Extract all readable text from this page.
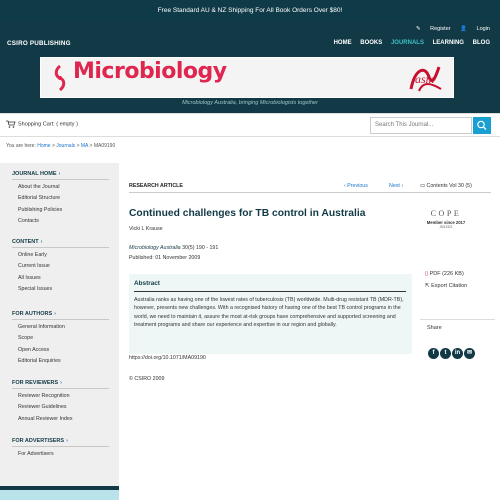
Free Standard AU & NZ Shipping For All Book Orders Over $80!
✎ Register 👤 Login
CSIRO PUBLISHING	HOME BOOKS JOURNALS LEARNING BLOG
Microbiology	asm
Microbiology Australia, bringing Microbiologists together
Shopping Cart: ( empty )	Search This Journal...
You are here: Home > Journals > MA > MA09190
JOURNAL HOME ›
About the Journal
Editorial Structure
Publishing Policies
Contacts
CONTENT ›
Online Early
Current Issue
All Issues
Special Issues
FOR AUTHORS ›
General Information
Scope
Open Access
Editorial Enquiries
FOR REVIEWERS ›
Reviewer Recognition
Reviewer Guidelines
Annual Reviewer Index
FOR ADVERTISERS ›
For Advertisers
RESEARCH ARTICLE	‹ Previous	Next ›	▭ Contents Vol 30 (5)
Continued challenges for TB control in Australia
Vicki L Krause
Microbiology Australia 30(5) 190 - 191
Published: 01 November 2009
Abstract
Australia ranks as having one of the lowest rates of tuberculosis (TB) worldwide. Multi-drug resistant TB (MDR-TB), however, presents new challenges. With a recognised history of having one of the best TB control programs in the world, we need to maintain it, assure the most at-risk groups have comprehensive and supported screening and treatment programs and share our experience and expertise in our region and globally.
https://doi.org/10.1071/MA09190
© CSIRO 2009
COPE
Member since 2017
JM13321
▯ PDF (226 KB)
⇱ Export Citation
Share
f t in ✉
